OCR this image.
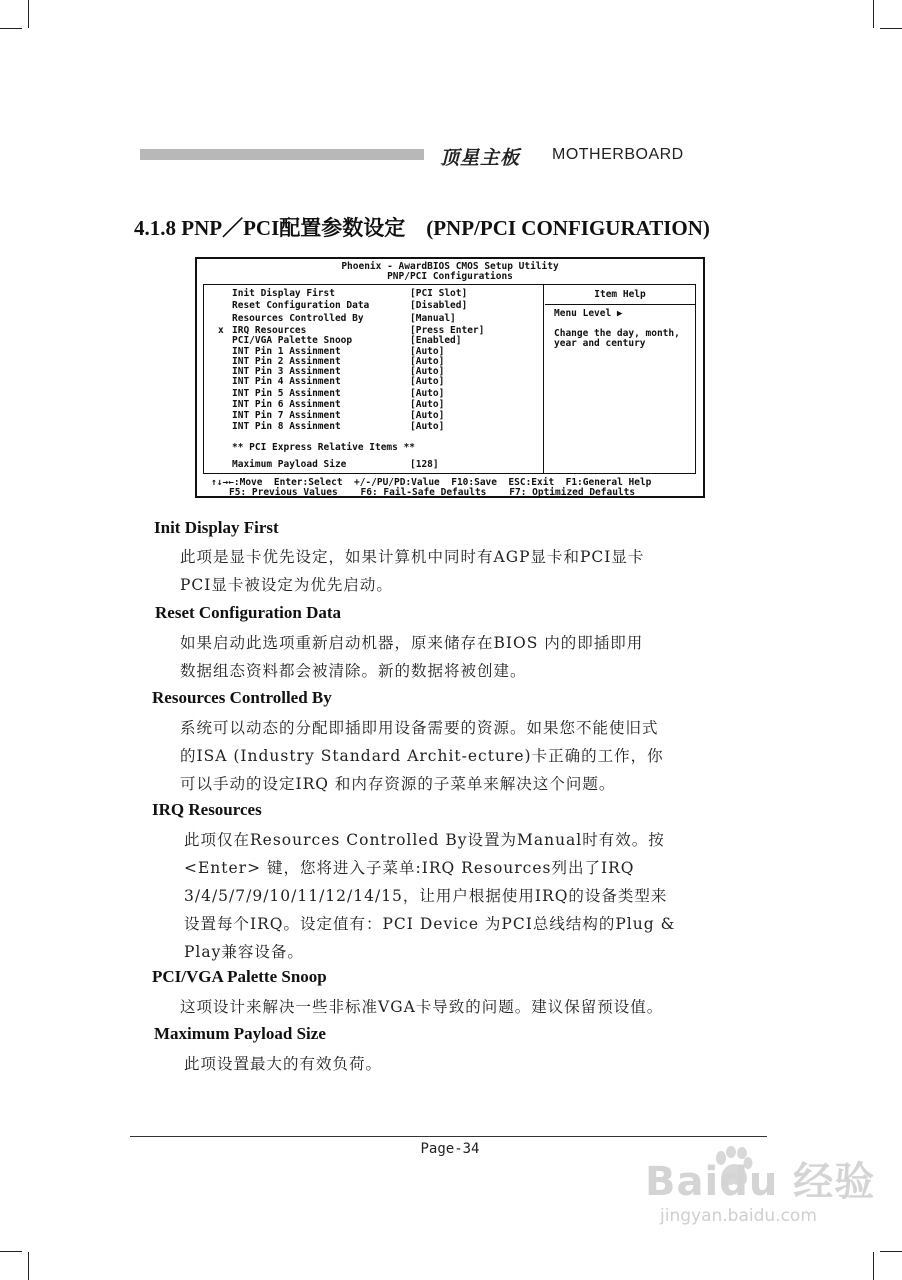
顶星主板 MOTHERBOARD
4.1.8 PNP／PCI配置参数设定　(PNP/PCI CONFIGURATION)
Phoenix - AwardBIOS CMOS Setup Utility
PNP/PCI Configurations
** PCI Express Relative Items **
Maximum Payload Size	[128]
Init Display First	[PCI Slot]
Reset Configuration Data	[Disabled]
Resources Controlled By	[Manual]
x IRQ Resources	[Press Enter]
PCI/VGA Palette Snoop	[Enabled]
INT Pin 1 Assinment	[Auto]
INT Pin 2 Assinment	[Auto]
INT Pin 3 Assinment	[Auto]
INT Pin 4 Assinment	[Auto]
INT Pin 5 Assinment	[Auto]
INT Pin 6 Assinment	[Auto]
INT Pin 7 Assinment	[Auto]
INT Pin 8 Assinment	[Auto]
Item Help
Menu Level ▶
Change the day, month,
year and century
↑↓→←:Move  Enter:Select  +/-/PU/PD:Value  F10:Save  ESC:Exit  F1:General Help
F5: Previous Values    F6: Fail-Safe Defaults    F7: Optimized Defaults
Init Display First
此项是显卡优先设定，如果计算机中同时有AGP显卡和PCI显卡
PCI显卡被设定为优先启动。
Reset Configuration Data
如果启动此选项重新启动机器，原来储存在BIOS 内的即插即用
数据组态资料都会被清除。新的数据将被创建。
Resources Controlled By
系统可以动态的分配即插即用设备需要的资源。如果您不能使旧式
的ISA (Industry Standard Archit-ecture)卡正确的工作，你
可以手动的设定IRQ 和内存资源的子菜单来解决这个问题。
IRQ Resources
此项仅在Resources Controlled By设置为Manual时有效。按
<Enter> 键，您将进入子菜单:IRQ Resources列出了IRQ
3/4/5/7/9/10/11/12/14/15，让用户根据使用IRQ的设备类型来
设置每个IRQ。设定值有：PCI Device 为PCI总线结构的Plug &
Play兼容设备。
PCI/VGA Palette Snoop
这项设计来解决一些非标准VGA卡导致的问题。建议保留预设值。
Maximum Payload Size
此项设置最大的有效负荷。
Page-34
Baidu 经验
jingyan.baidu.com
